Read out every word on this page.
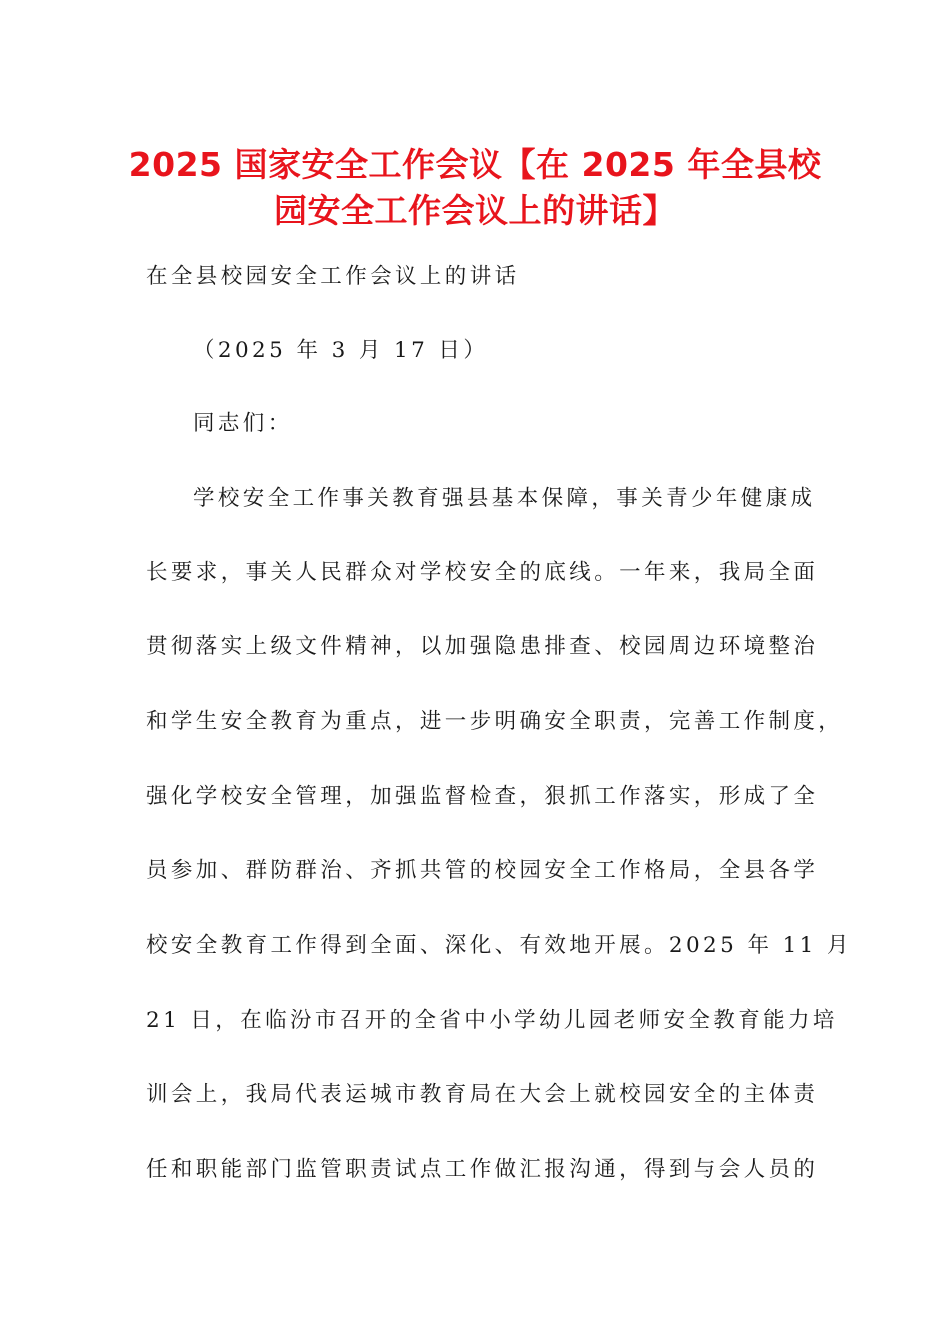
2025 国家安全工作会议【在 2025 年全县校园安全工作会议上的讲话】
在全县校园安全工作会议上的讲话
（2025 年 3 月 17 日）
同志们：
学校安全工作事关教育强县基本保障，事关青少年健康成
长要求，事关人民群众对学校安全的底线。一年来，我局全面
贯彻落实上级文件精神，以加强隐患排查、校园周边环境整治
和学生安全教育为重点，进一步明确安全职责，完善工作制度，
强化学校安全管理，加强监督检查，狠抓工作落实，形成了全
员参加、群防群治、齐抓共管的校园安全工作格局，全县各学
校安全教育工作得到全面、深化、有效地开展。2025 年 11 月
21 日，在临汾市召开的全省中小学幼儿园老师安全教育能力培
训会上，我局代表运城市教育局在大会上就校园安全的主体责
任和职能部门监管职责试点工作做汇报沟通，得到与会人员的
